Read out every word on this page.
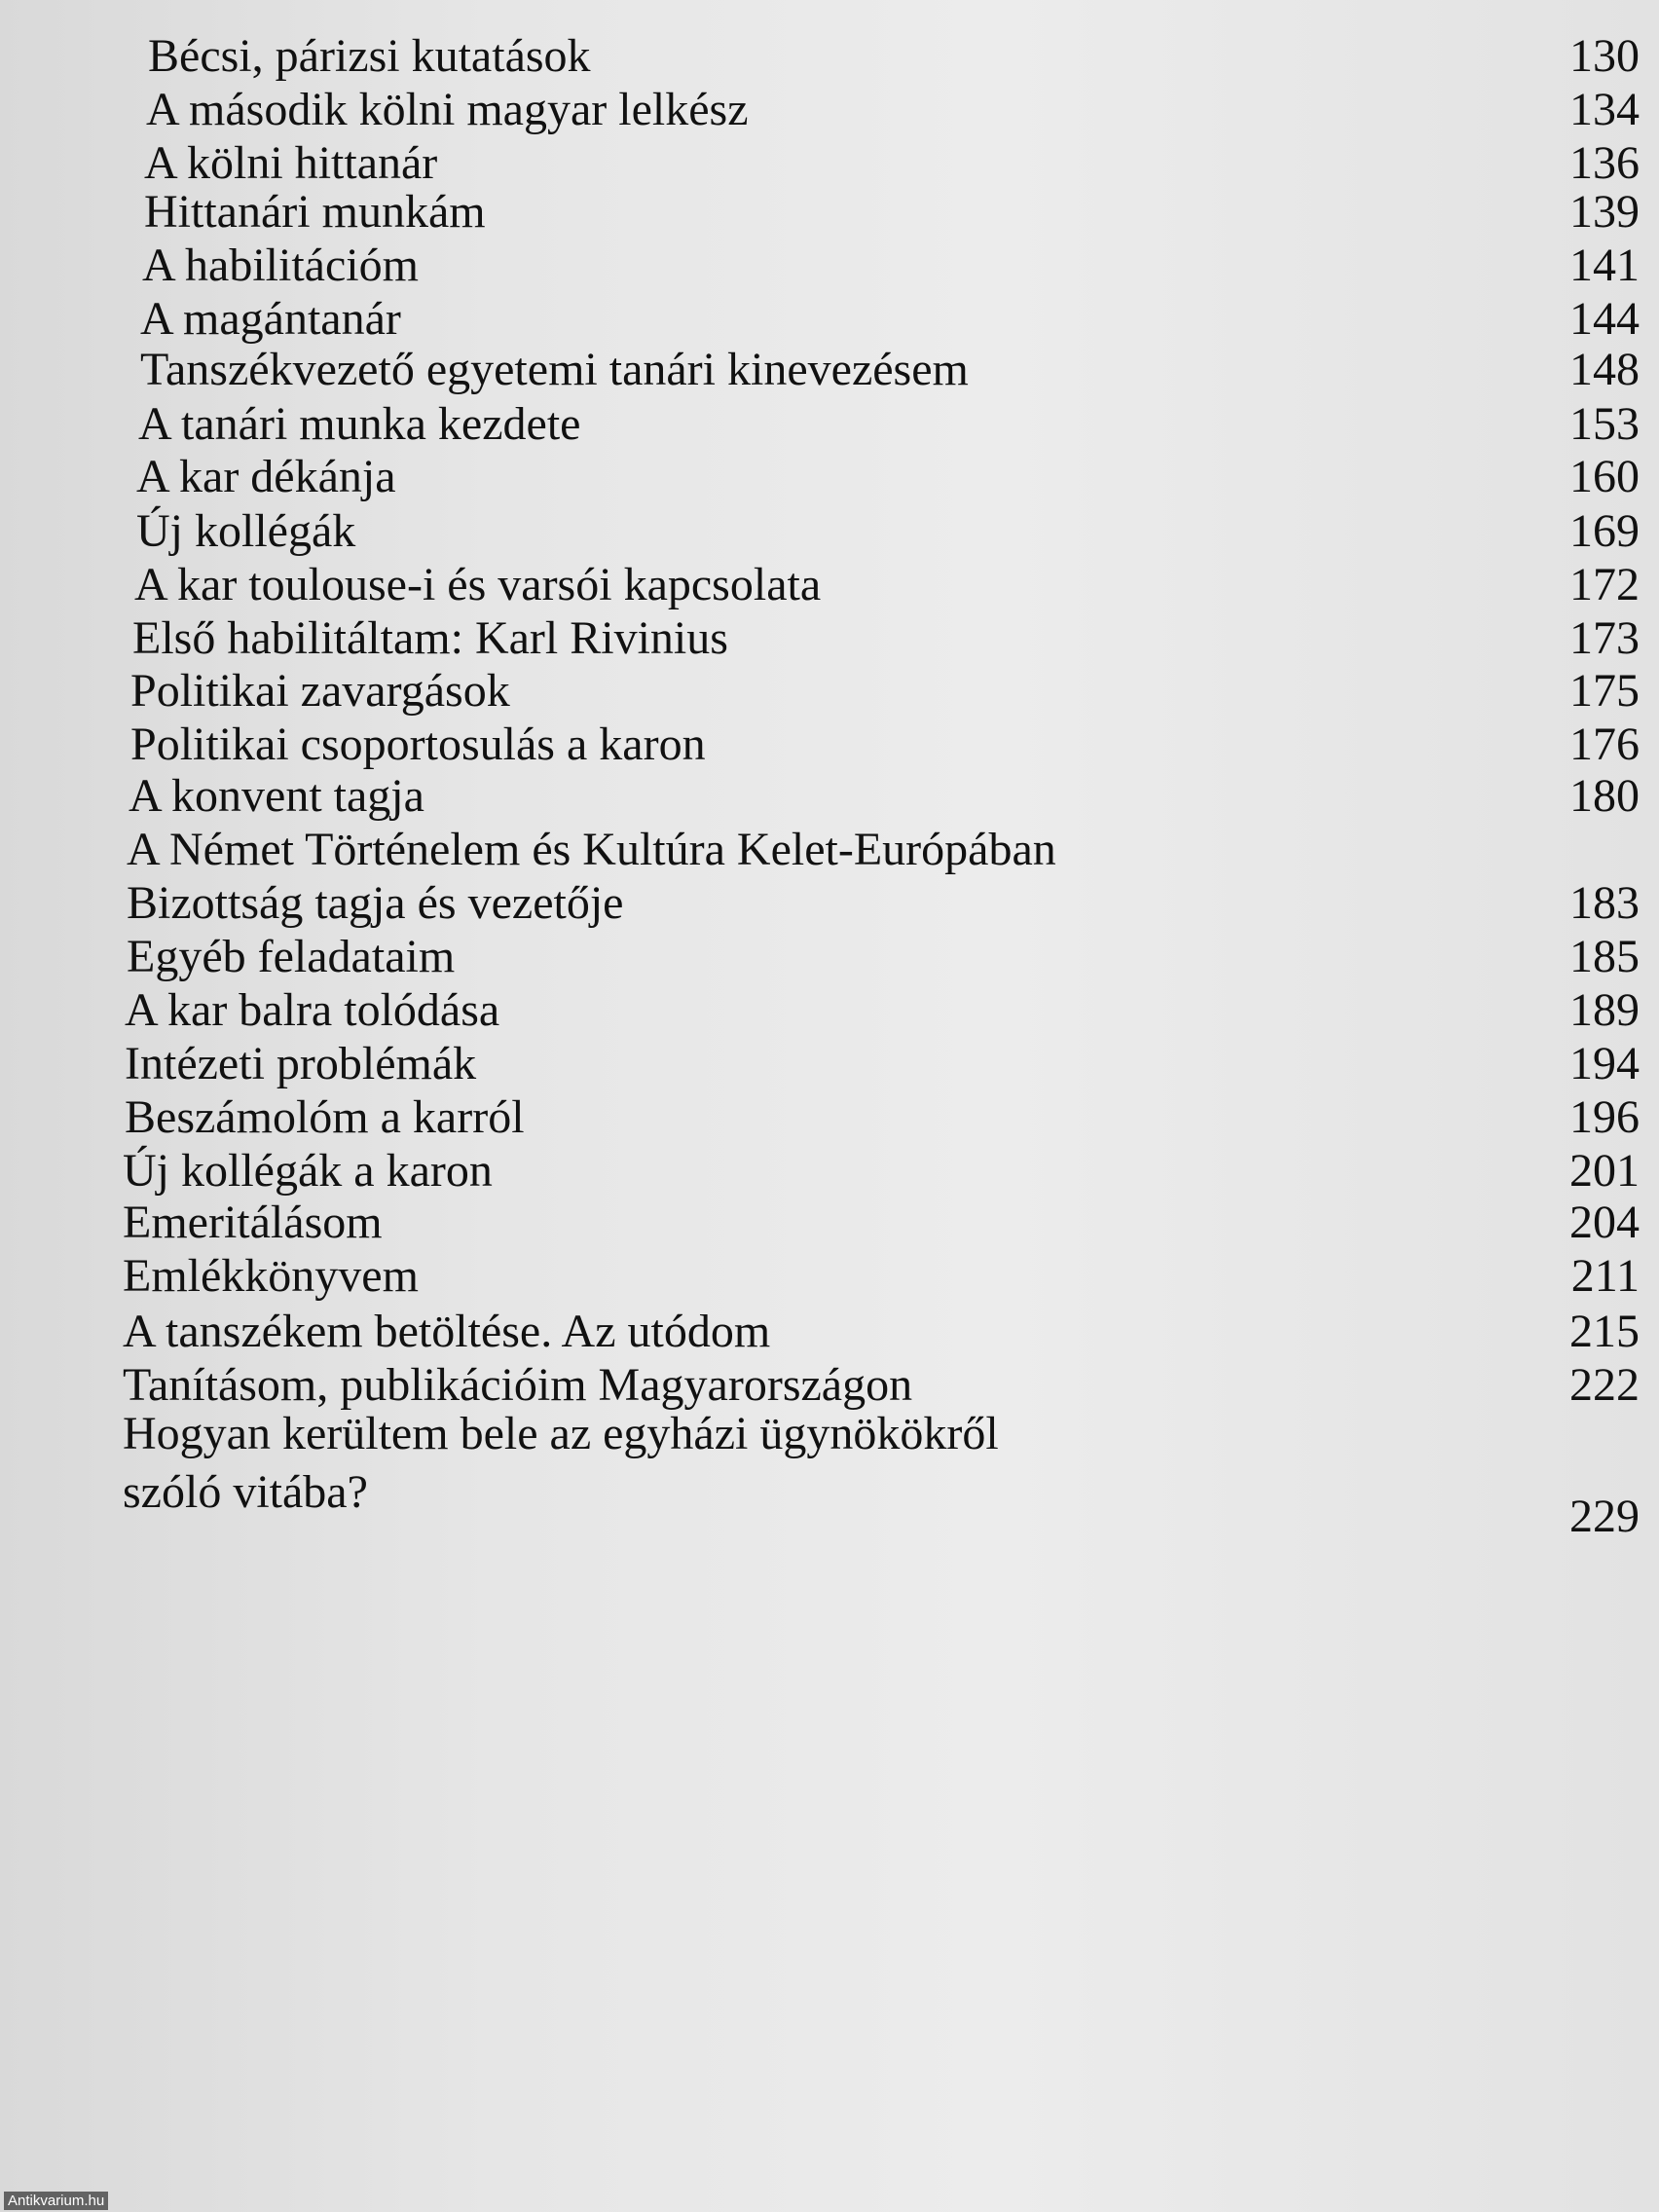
Bécsi, párizsi kutatások	130
A második kölni magyar lelkész	134
A kölni hittanár	136
Hittanári munkám	139
A habilitációm	141
A magántanár	144
Tanszékvezető egyetemi tanári kinevezésem	148
A tanári munka kezdete	153
A kar dékánja	160
Új kollégák	169
A kar toulouse-i és varsói kapcsolata	172
Első habilitáltam: Karl Rivinius	173
Politikai zavargások	175
Politikai csoportosulás a karon	176
A konvent tagja	180
A Német Történelem és Kultúra Kelet-Európában
Bizottság tagja és vezetője	183
Egyéb feladataim	185
A kar balra tolódása	189
Intézeti problémák	194
Beszámolóm a karról	196
Új kollégák a karon	201
Emeritálásom	204
Emlékkönyvem	211
A tanszékem betöltése. Az utódom	215
Tanításom, publikációim Magyarországon	222
Hogyan kerültem bele az egyházi ügynökökről
szóló vitába?	229
Antikvarium.hu
